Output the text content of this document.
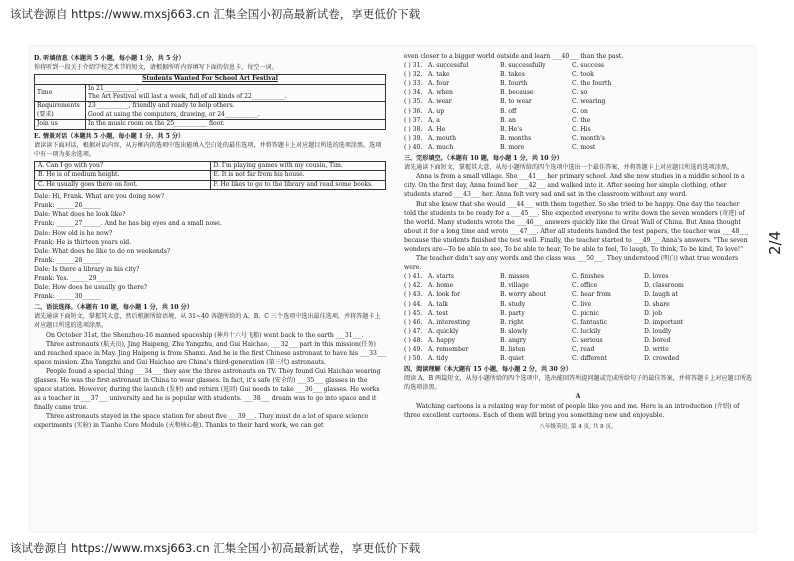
该试卷源自 https://www.mxsj663.cn 汇集全国小初高最新试卷，享更低价下载
D. 听填信息（本题共 5 小题，每小题 1 分，共 5 分）
你将听到一段关于介绍学校艺术节的短文，请根据所听内容填写下面的信息卡，每空一词。
Students Wanted For School Art Festival	
Time	In 21___________.
The Art Festival will last a week, full of all kinds of 22___________.

Requirements (要求)	23___________, friendly and ready to help others.
Good at using the computers, drawing, or 24___________.

Join us	In the music room on the 25___________ floor.
E. 情景对话（本题共 5 小题，每小题 1 分，共 5 分）
请读读下面对话，根据对话内容，从方框内的选项中选出能填入空白处的最佳选项，并将答题卡上对应题目所选的选项涂黑。选项中有一项为多余选项。
A. Can I go with you?	D. I'm playing games with my cousin, Tim.
B. He is of medium height.	E. It is not far from his house.
C. He usually goes there on foot.	F. He likes to go to the library and read some books.
Dale: Hi, Frank. What are you doing now?
Frank: ______26______
Dale: What does he look like?
Frank: ______27______. And he has big eyes and a small nose.
Dale: How old is he now?
Frank: He is thirteen years old.
Dale: What does he like to do on weekends?
Frank: ______28______
Dale: Is there a library in his city?
Frank: Yes. ______29______
Dale: How does he usually go there?
Frank: ______30______
二、语法选择。（本题有 10 题，每小题 1 分，共 10 分）
请先通读下面短文，掌握其大意，然后根据所给语境，从 31~40 各题所给的 A、B、C 三个选项中选出最佳选项，并将答题卡上对应题目所选的选项涂黑。
On October 31st, the Shenzhou-16 manned spaceship (神舟十六号飞船) went back to the earth ___31___.
Three astronauts (航天员), Jing Haipeng, Zhu Yangzhu, and Gui Haichao, ___32___ part in this mission(任务) and reached space in May. Jing Haipeng is from Shanxi. And he is the first Chinese astronaut to have his ___33___ space mission. Zhu Yangzhu and Gui Haichao are China's third-generation (第三代) astronauts.
People found a special thing ___34___ they saw the three astronauts on TV. They found Gui Haichao wearing glasses. He was the first astronaut in China to wear glasses. In fact, it's safe (安全的) ___35___ glasses in the space station. However, during the launch (发射) and return (返回) Gui needs to take ___36___ glasses. He works as a teacher in ___37___ university and he is popular with students. ___38___ dream was to go into space and it finally came true.
Three astronauts stayed in the space station for about five ___39___. They must do a lot of space science experiments (实验) in Tianhe Core Module (天和核心舱). Thanks to their hard work, we can get
even closer to a bigger world outside and learn ___40___ than the past.
( ) 31. A. successful	B. successfully	C. success
( ) 32. A. take	B. takes	C. took
( ) 33. A. four	B. fourth	C. the fourth
( ) 34. A. when	B. because	C. so
( ) 35. A. wear	B. to wear	C. wearing
( ) 36. A. up	B. off	C. on
( ) 37. A. a	B. an	C. the
( ) 38. A. He	B. He's	C. His
( ) 39. A. mouth	B. months	C. month's
( ) 40. A. much	B. more	C. most
三、完形填空。（本题有 10 题，每小题 1 分，共 10 分）
请先通读下面短文，掌握其大意，从每小题所给的四个选项中选出一个最佳答案，并将答题卡上对应题目所选的选项涂黑。
Anna is from a small village. She ___41___ her primary school. And she now studies in a middle school in a city. On the first day, Anna found her ___42___ and walked into it. After seeing her simple clothing, other students stared ___43___ her. Anna felt very sad and sat in the classroom without any word.
But she knew that she would ___44___ with them together. So she tried to be happy. One day the teacher told the students to be ready for a ___45___. She expected everyone to write down the seven wonders (奇迹) of the world. Many students wrote the ___46___ answers quickly like the Great Wall of China. But Anna thought about it for a long time and wrote ___47___. After all students handed the test papers, the teacher was ___48___ because the students finished the test well. Finally, the teacher started to ___49___ Anna's answers. "The seven wonders are—To be able to see, To be able to hear, To be able to feel, To laugh, To think, To be kind, To love!"
The teacher didn't say any words and the class was ___50___. They understood (明白) what true wonders were.
( ) 41. A. starts	B. misses	C. finishes	D. loves
( ) 42. A. home	B. village	C. office	D. classroom
( ) 43. A. look for	B. worry about	C. hear from	D. laugh at
( ) 44. A. talk	B. study	C. live	D. share
( ) 45. A. test	B. party	C. picnic	D. job
( ) 46. A. interesting	B. right	C. fantastic	D. important
( ) 47. A. quickly	B. slowly	C. luckily	D. loudly
( ) 48. A. happy	B. angry	C. serious	D. bored
( ) 49. A. remember	B. listen	C. read	D. write
( ) 50. A. tidy	B. quiet	C. different	D. crowded
四、阅读理解（本大题有 15 小题，每小题 2 分，共 30 分）
阅读 A、B 两篇短文，从每小题所给的四个选项中，选出能回答所提问题或完成所给句子的最佳答案，并将答题卡上对应题目所选的选项涂黑。
A
Watching cartoons is a relaxing way for most of people like you and me. Here is an introduction (介绍) of three excellent cartoons. Each of them will bring you something new and enjoyable.
八年级英语, 第 4 页, 共 8 页。
2/4
该试卷源自 https://www.mxsj663.cn 汇集全国小初高最新试卷，享更低价下载
